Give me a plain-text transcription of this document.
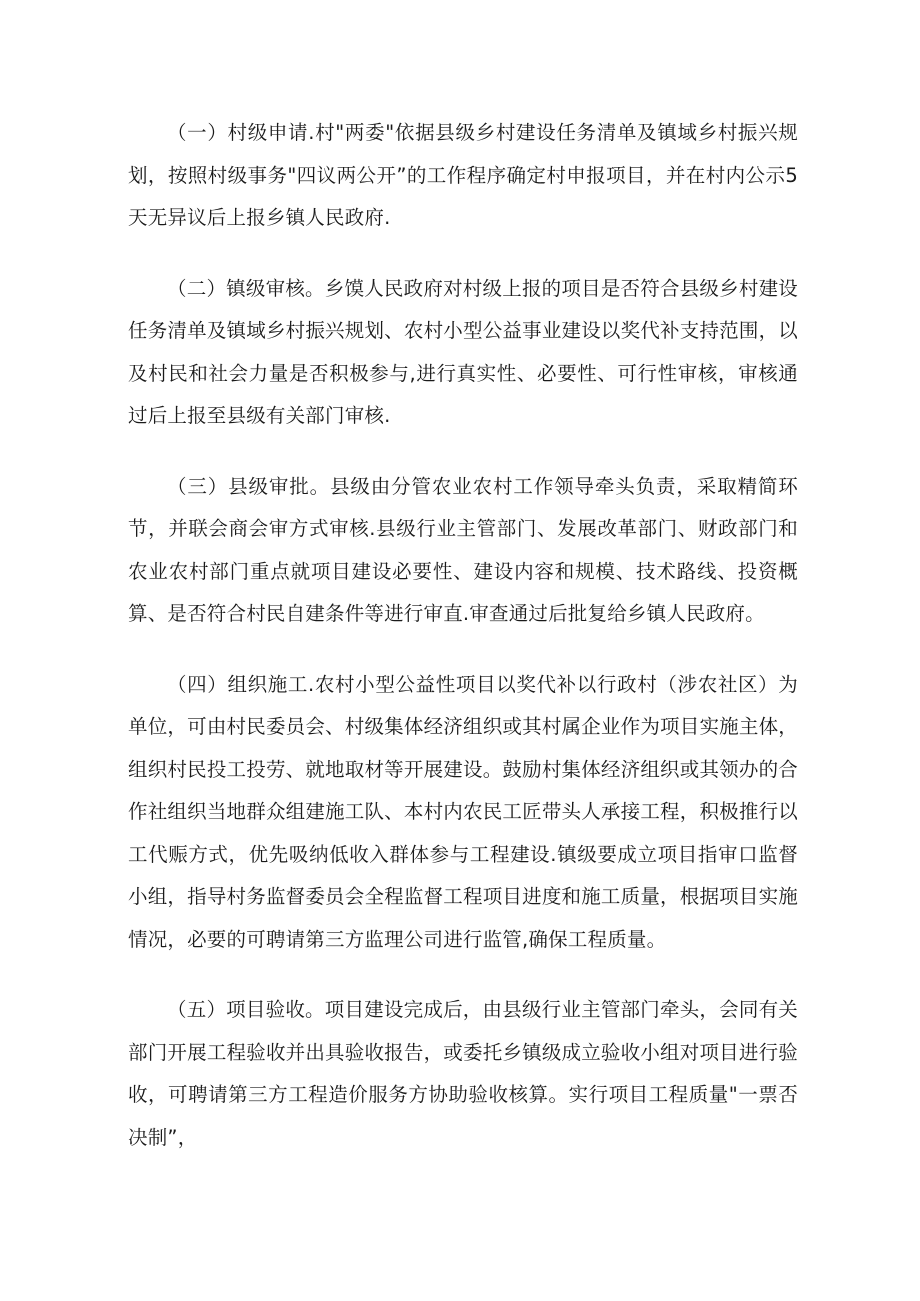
（一）村级申请.村"两委"依据县级乡村建设任务清单及镇域乡村振兴规划，按照村级事务"四议两公开”的工作程序确定村申报项目，并在村内公示5天无异议后上报乡镇人民政府.

（二）镇级审核。乡馍人民政府对村级上报的项目是否符合县级乡村建设任务清单及镇域乡村振兴规划、农村小型公益事业建设以奖代补支持范围，以及村民和社会力量是否积极参与,进行真实性、必要性、可行性审核，审核通过后上报至县级有关部门审核.

（三）县级审批。县级由分管农业农村工作领导牵头负责，采取精简环节，并联会商会审方式审核.县级行业主管部门、发展改革部门、财政部门和农业农村部门重点就项目建设必要性、建设内容和规模、技术路线、投资概算、是否符合村民自建条件等进行审直.审查通过后批复给乡镇人民政府。

（四）组织施工.农村小型公益性项目以奖代补以行政村（涉农社区）为单位，可由村民委员会、村级集体经济组织或其村属企业作为项目实施主体，组织村民投工投劳、就地取材等开展建设。鼓励村集体经济组织或其领办的合作社组织当地群众组建施工队、本村内农民工匠带头人承接工程，积极推行以工代赈方式，优先吸纳低收入群体参与工程建设.镇级要成立项目指审口监督小组，指导村务监督委员会全程监督工程项目进度和施工质量，根据项目实施情况，必要的可聘请第三方监理公司进行监管,确保工程质量。

（五）项目验收。项目建设完成后，由县级行业主管部门牵头，会同有关部门开展工程验收并出具验收报告，或委托乡镇级成立验收小组对项目进行验收，可聘请第三方工程造价服务方协助验收核算。实行项目工程质量"一票否决制”，
